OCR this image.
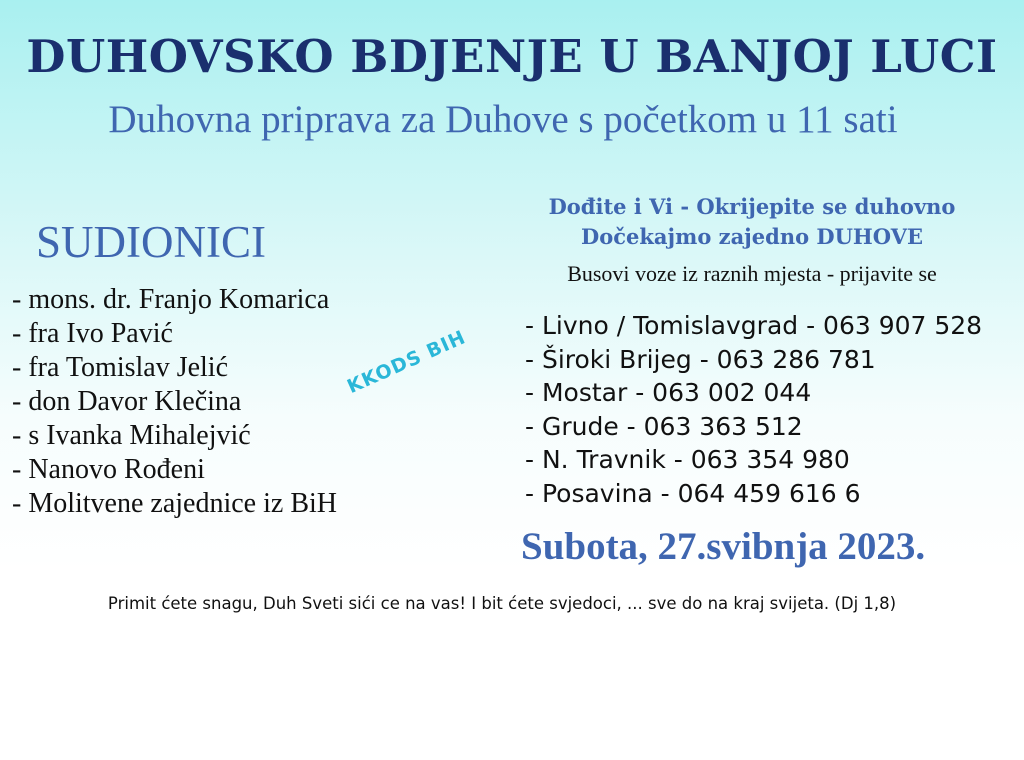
DUHOVSKO BDJENJE U BANJOJ LUCI
Duhovna priprava za Duhove s početkom u 11 sati
SUDIONICI
- mons. dr. Franjo Komarica
- fra Ivo Pavić
- fra Tomislav Jelić
- don Davor Klečina
- s Ivanka Mihalejvić
- Nanovo Rođeni
- Molitvene zajednice iz BiH
KKODS BIH
Dođite i Vi - Okrijepite se duhovno
Dočekajmo zajedno DUHOVE
Busovi voze iz raznih mjesta - prijavite se
- Livno / Tomislavgrad - 063 907 528
- Široki Brijeg - 063 286 781
- Mostar - 063 002 044
- Grude - 063 363 512
- N. Travnik - 063 354 980
- Posavina - 064 459 616 6
Subota, 27.svibnja 2023.
Primit ćete snagu, Duh Sveti sići ce na vas! I bit ćete svjedoci, ... sve do na kraj svijeta. (Dj 1,8)
